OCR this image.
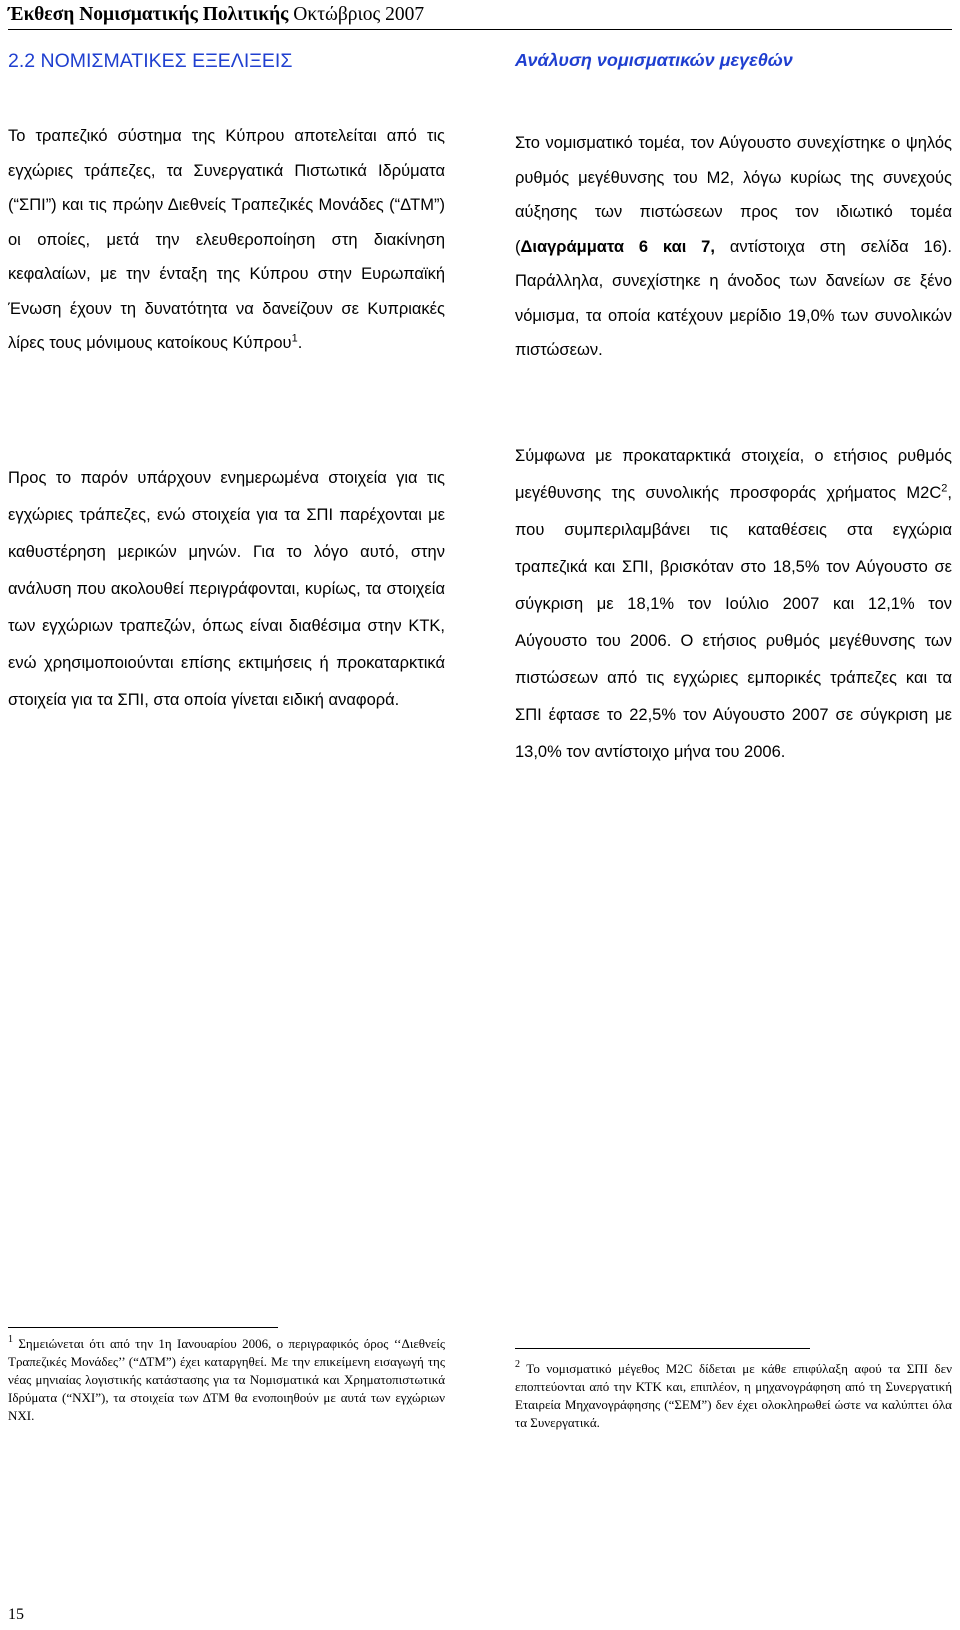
Έκθεση Νομισματικής Πολιτικής Οκτώβριος 2007
2.2 ΝΟΜΙΣΜΑΤΙΚΕΣ ΕΞΕΛΙΞΕΙΣ	Ανάλυση νομισματικών μεγεθών

Το τραπεζικό σύστημα της Κύπρου αποτελείται από τις εγχώριες τράπεζες, τα Συνεργατικά Πιστωτικά Ιδρύματα (“ΣΠΙ”) και τις πρώην Διεθνείς Τραπεζικές Μονάδες (“ΔΤΜ”) οι οποίες, μετά την ελευθεροποίηση στη διακίνηση κεφαλαίων, με την ένταξη της Κύπρου στην Ευρωπαϊκή Ένωση έχουν τη δυνατότητα να δανείζουν σε Κυπριακές λίρες τους μόνιμους κατοίκους Κύπρου$^1$.

Προς το παρόν υπάρχουν ενημερωμένα στοιχεία για τις εγχώριες τράπεζες, ενώ στοιχεία για τα ΣΠΙ παρέχονται με καθυστέρηση μερικών μηνών. Για το λόγο αυτό, στην ανάλυση που ακολουθεί περιγράφονται, κυρίως, τα στοιχεία των εγχώριων τραπεζών, όπως είναι διαθέσιμα στην ΚΤΚ, ενώ χρησιμοποιούνται επίσης εκτιμήσεις ή προκαταρκτικά στοιχεία για τα ΣΠΙ, στα οποία γίνεται ειδική αναφορά.

Στο νομισματικό τομέα, τον Αύγουστο συνεχίστηκε ο ψηλός ρυθμός μεγέθυνσης του Μ2, λόγω κυρίως της συνεχούς αύξησης των πιστώσεων προς τον ιδιωτικό τομέα (Διαγράμματα 6 και 7, αντίστοιχα στη σελίδα 16). Παράλληλα, συνεχίστηκε η άνοδος των δανείων σε ξένο νόμισμα, τα οποία κατέχουν μερίδιο 19,0% των συνολικών πιστώσεων.

Σύμφωνα με προκαταρκτικά στοιχεία, ο ετήσιος ρυθμός μεγέθυνσης της συνολικής προσφοράς χρήματος $M2C^2$, που συμπεριλαμβάνει τις καταθέσεις στα εγχώρια τραπεζικά και ΣΠΙ, βρισκόταν στο 18,5% τον Αύγουστο σε σύγκριση με 18,1% τον Ιούλιο 2007 και 12,1% τον Αύγουστο του 2006. Ο ετήσιος ρυθμός μεγέθυνσης των πιστώσεων από τις εγχώριες εμπορικές τράπεζες και τα ΣΠΙ έφτασε το 22,5% τον Αύγουστο 2007 σε σύγκριση με 13,0% τον αντίστοιχο μήνα του 2006.

$^1$ Σημειώνεται ότι από την 1η Ιανουαρίου 2006, ο περιγραφικός όρος ‘‘Διεθνείς Τραπεζικές Μονάδες’’ (“ΔΤΜ”) έχει καταργηθεί. Με την επικείμενη εισαγωγή της νέας μηνιαίας λογιστικής κατάστασης για τα Νομισματικά και Χρηματοπιστωτικά Ιδρύματα (“ΝΧΙ”), τα στοιχεία των ΔΤΜ θα ενοποιηθούν με αυτά των εγχώριων ΝΧΙ.

$^2$ Το νομισματικό μέγεθος Μ2C δίδεται με κάθε επιφύλαξη αφού τα ΣΠΙ δεν εποπτεύονται από την ΚΤΚ και, επιπλέον, η μηχανογράφηση από τη Συνεργατική Εταιρεία Μηχανογράφησης (“ΣΕΜ”) δεν έχει ολοκληρωθεί ώστε να καλύπτει όλα τα Συνεργατικά.

15
